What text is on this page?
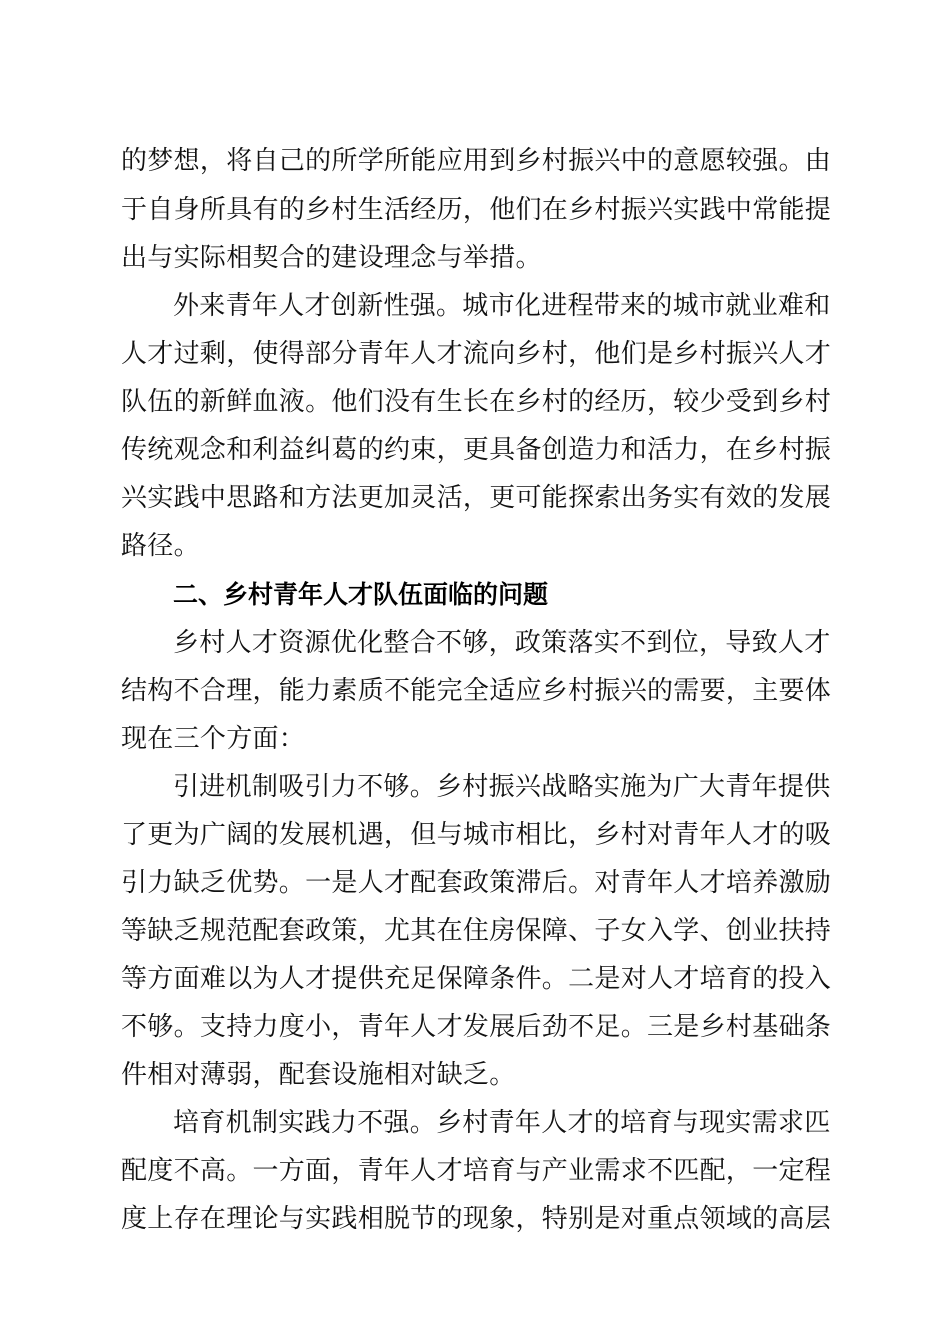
的梦想，将自己的所学所能应用到乡村振兴中的意愿较强。由
于自身所具有的乡村生活经历，他们在乡村振兴实践中常能提
出与实际相契合的建设理念与举措。
外来青年人才创新性强。城市化进程带来的城市就业难和
人才过剩，使得部分青年人才流向乡村，他们是乡村振兴人才
队伍的新鲜血液。他们没有生长在乡村的经历，较少受到乡村
传统观念和利益纠葛的约束，更具备创造力和活力，在乡村振
兴实践中思路和方法更加灵活，更可能探索出务实有效的发展
路径。
二、乡村青年人才队伍面临的问题
乡村人才资源优化整合不够，政策落实不到位，导致人才
结构不合理，能力素质不能完全适应乡村振兴的需要，主要体
现在三个方面：
引进机制吸引力不够。乡村振兴战略实施为广大青年提供
了更为广阔的发展机遇，但与城市相比，乡村对青年人才的吸
引力缺乏优势。一是人才配套政策滞后。对青年人才培养激励
等缺乏规范配套政策，尤其在住房保障、子女入学、创业扶持
等方面难以为人才提供充足保障条件。二是对人才培育的投入
不够。支持力度小，青年人才发展后劲不足。三是乡村基础条
件相对薄弱，配套设施相对缺乏。
培育机制实践力不强。乡村青年人才的培育与现实需求匹
配度不高。一方面，青年人才培育与产业需求不匹配，一定程
度上存在理论与实践相脱节的现象，特别是对重点领域的高层
